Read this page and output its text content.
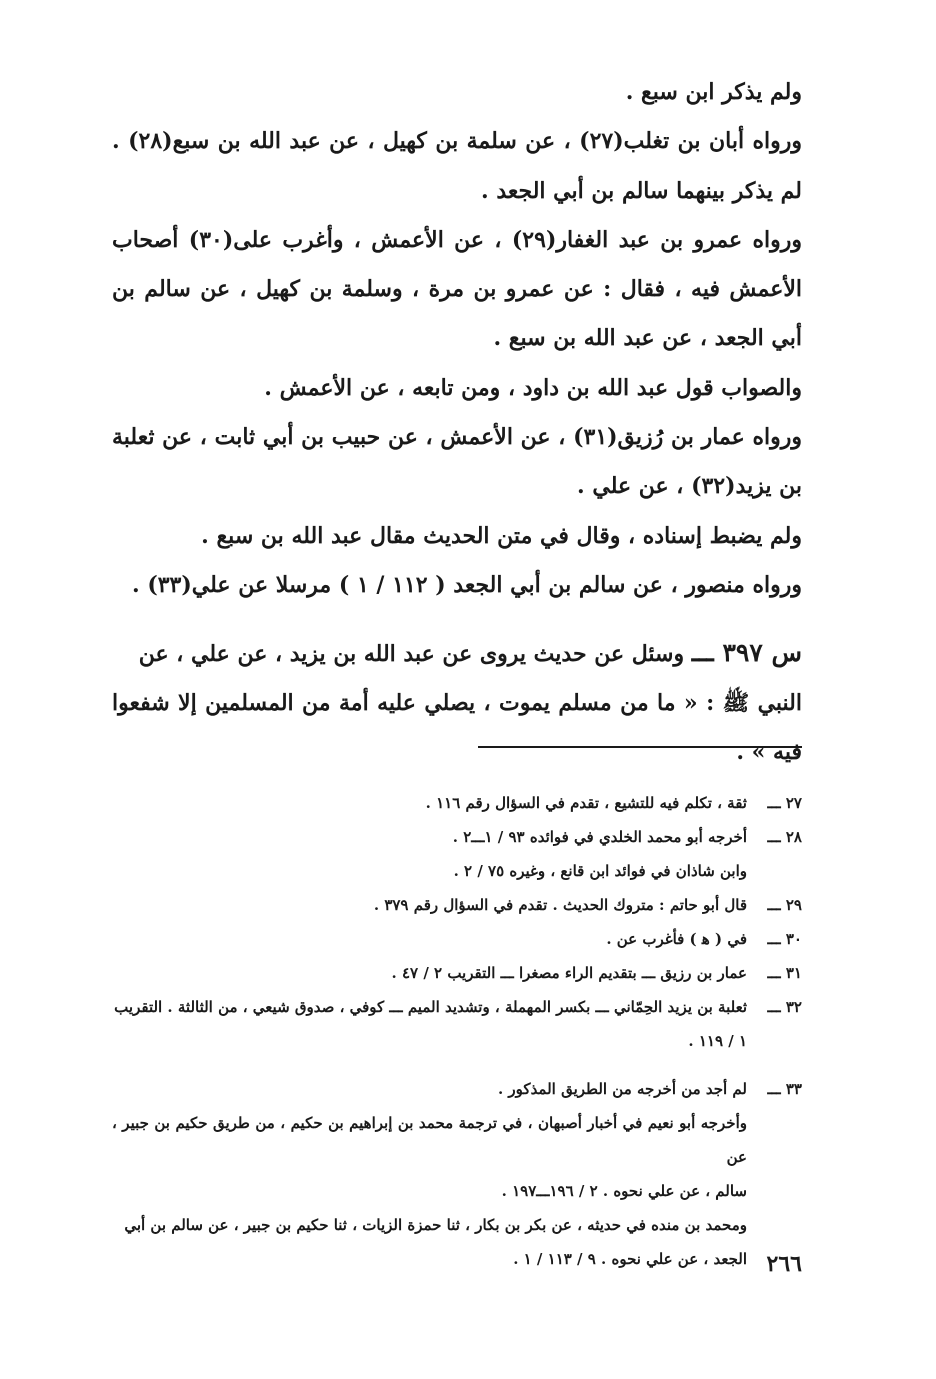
ولم يذكر ابن سبع .

ورواه أبان بن تغلب(٢٧) ، عن سلمة بن كهيل ، عن عبد الله بن سبع(٢٨) . لم يذكر بينهما سالم بن أبي الجعد .

ورواه عمرو بن عبد الغفار(٢٩) ، عن الأعمش ، وأغرب على(٣٠) أصحاب الأعمش فيه ، فقال : عن عمرو بن مرة ، وسلمة بن كهيل ، عن سالم بن أبي الجعد ، عن عبد الله بن سبع .

والصواب قول عبد الله بن داود ، ومن تابعه ، عن الأعمش .

ورواه عمار بن رُزيق(٣١) ، عن الأعمش ، عن حبيب بن أبي ثابت ، عن ثعلبة بن يزيد(٣٢) ، عن علي .

ولم يضبط إسناده ، وقال في متن الحديث مقال عبد الله بن سبع .

ورواه منصور ، عن سالم بن أبي الجعد ( ١١٢ / ١ ) مرسلا عن علي(٣٣) .

س ٣٩٧ ـــ وسئل عن حديث يروى عن عبد الله بن يزيد ، عن علي ، عن

النبي ﷺ : « ما من مسلم يموت ، يصلي عليه أمة من المسلمين إلا شفعوا فيه » .

٢٧ ـــ

ثقة ، تكلم فيه للتشيع ، تقدم في السؤال رقم ١١٦ .

٢٨ ـــ

أخرجه أبو محمد الخلدي في فوائده ٩٣ / ١ـــ٢ .

وابن شاذان في فوائد ابن قانع ، وغيره ٧٥ / ٢ .

٢٩ ـــ

قال أبو حاتم : متروك الحديث . تقدم في السؤال رقم ٣٧٩ .

٣٠ ـــ

في ( ﻫ ) فأغرب عن .

٣١ ـــ

عمار بن رزيق ـــ بتقديم الراء مصغرا ـــ التقريب ٢ / ٤٧ .

٣٢ ـــ

ثعلبة بن يزيد الحِمّاني ـــ بكسر المهملة ، وتشديد الميم ـــ كوفي ، صدوق شيعي ، من الثالثة . التقريب

١ / ١١٩ .

٣٣ ـــ

لم أجد من أخرجه من الطريق المذكور .

وأخرجه أبو نعيم في أخبار أصبهان ، في ترجمة محمد بن إبراهيم بن حكيم ، من طريق حكيم بن جبير ، عن

سالم ، عن علي نحوه . ٢ / ١٩٦ـــ١٩٧ .

ومحمد بن منده في حديثه ، عن بكر بن بكار ، ثنا حمزة الزيات ، ثنا حكيم بن جبير ، عن سالم بن أبي

الجعد ، عن علي نحوه . ٩ / ١١٣ / ١ . ٢٦٦
